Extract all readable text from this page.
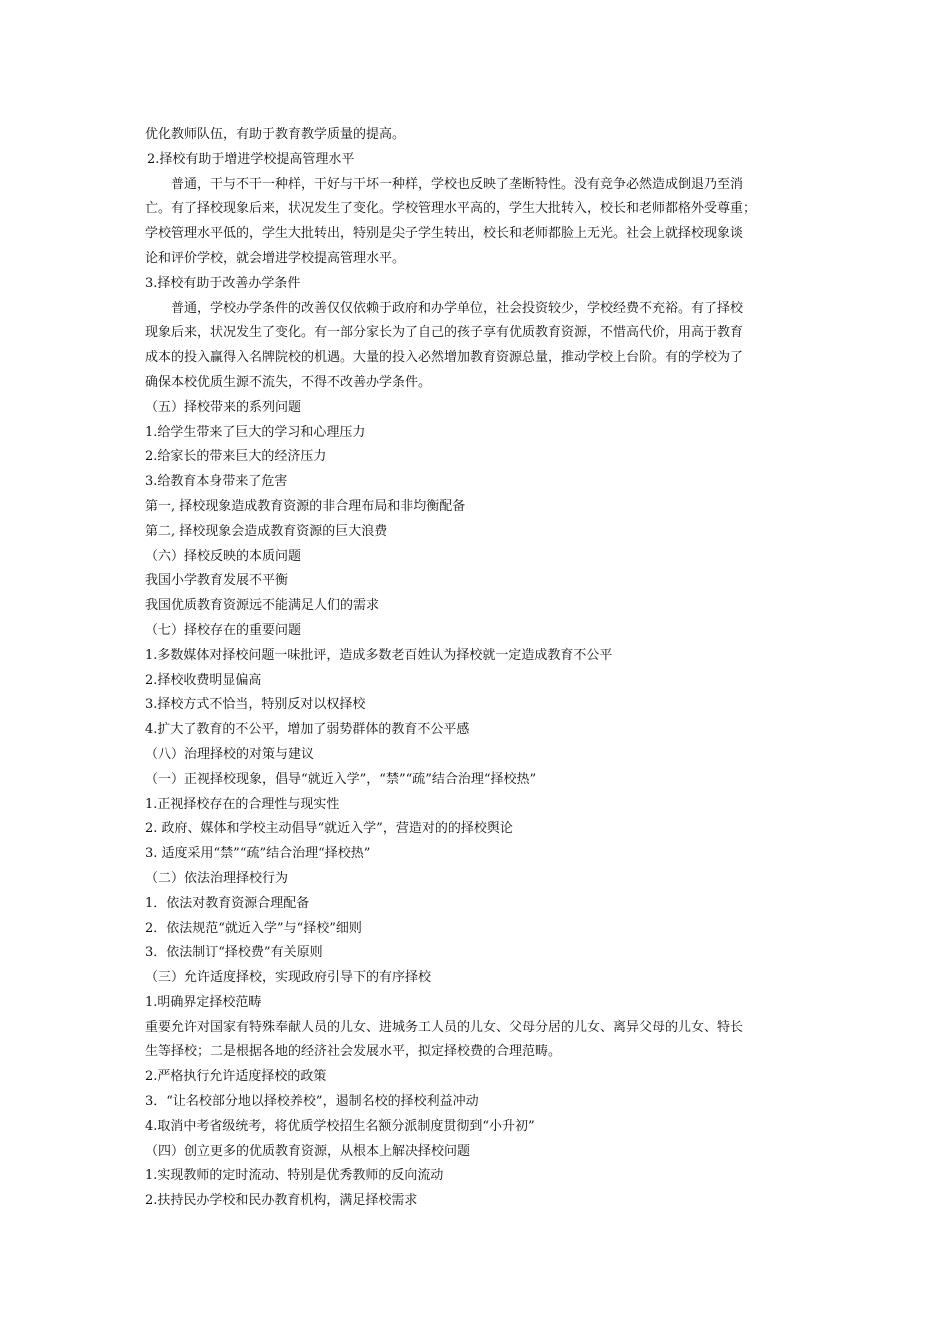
优化教师队伍，有助于教育教学质量的提高。
2.择校有助于增进学校提高管理水平
普通，干与不干一种样，干好与干坏一种样，学校也反映了垄断特性。没有竞争必然造成倒退乃至消
亡。有了择校现象后来，状况发生了变化。学校管理水平高的，学生大批转入，校长和老师都格外受尊重；
学校管理水平低的，学生大批转出，特别是尖子学生转出，校长和老师都脸上无光。社会上就择校现象谈
论和评价学校，就会增进学校提高管理水平。
3.择校有助于改善办学条件
普通，学校办学条件的改善仅仅依赖于政府和办学单位，社会投资较少，学校经费不充裕。有了择校
现象后来，状况发生了变化。有一部分家长为了自己的孩子享有优质教育资源，不惜高代价，用高于教育
成本的投入赢得入名牌院校的机遇。大量的投入必然增加教育资源总量，推动学校上台阶。有的学校为了
确保本校优质生源不流失，不得不改善办学条件。
（五）择校带来的系列问题
1.给学生带来了巨大的学习和心理压力
2.给家长的带来巨大的经济压力
3.给教育本身带来了危害
第一, 择校现象造成教育资源的非合理布局和非均衡配备
第二, 择校现象会造成教育资源的巨大浪费
（六）择校反映的本质问题
我国小学教育发展不平衡
我国优质教育资源远不能满足人们的需求
（七）择校存在的重要问题
1.多数媒体对择校问题一味批评，造成多数老百姓认为择校就一定造成教育不公平
2.择校收费明显偏高
3.择校方式不恰当，特别反对以权择校
4.扩大了教育的不公平，增加了弱势群体的教育不公平感
（八）治理择校的对策与建议
（一）正视择校现象，倡导“就近入学”，“禁”“疏”结合治理“择校热”
1.正视择校存在的合理性与现实性
2. 政府、媒体和学校主动倡导“就近入学”，营造对的的择校舆论
3. 适度采用“禁”“疏”结合治理“择校热”
（二）依法治理择校行为
1．依法对教育资源合理配备
2．依法规范“就近入学”与“择校”细则
3．依法制订“择校费”有关原则
（三）允许适度择校，实现政府引导下的有序择校
1.明确界定择校范畴
重要允许对国家有特殊奉献人员的儿女、进城务工人员的儿女、父母分居的儿女、离异父母的儿女、特长
生等择校；二是根据各地的经济社会发展水平，拟定择校费的合理范畴。
2.严格执行允许适度择校的政策
3．“让名校部分地以择校养校”，遏制名校的择校利益冲动
4.取消中考省级统考，将优质学校招生名额分派制度贯彻到“小升初”
（四）创立更多的优质教育资源，从根本上解决择校问题
1.实现教师的定时流动、特别是优秀教师的反向流动
2.扶持民办学校和民办教育机构，满足择校需求
